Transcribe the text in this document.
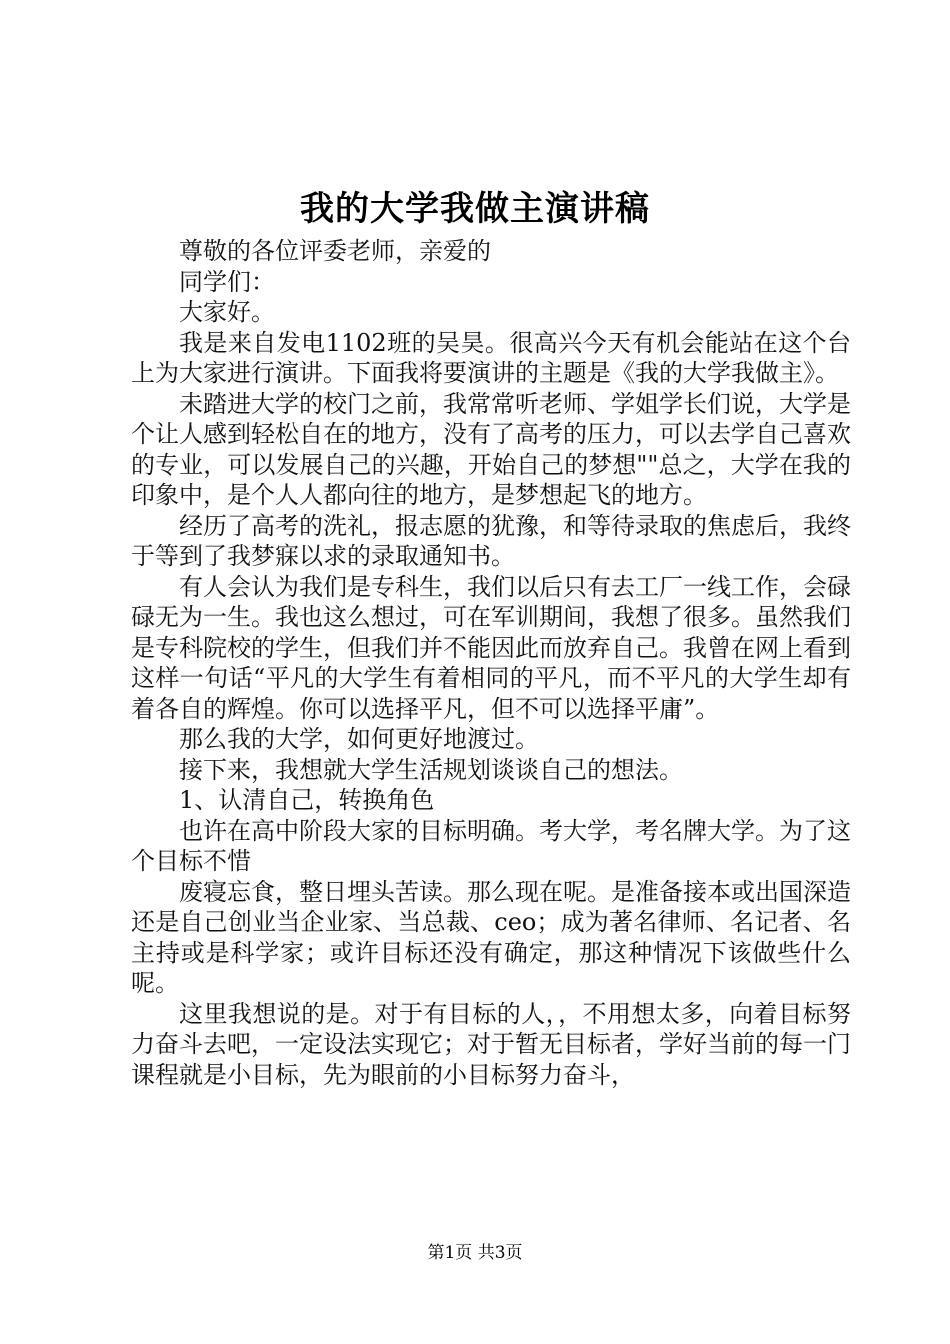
我的大学我做主演讲稿

尊敬的各位评委老师，亲爱的

同学们：

大家好。

我是来自发电1102班的吴昊。很高兴今天有机会能站在这个台上为大家进行演讲。下面我将要演讲的主题是《我的大学我做主》。

未踏进大学的校门之前，我常常听老师、学姐学长们说，大学是个让人感到轻松自在的地方，没有了高考的压力，可以去学自己喜欢的专业，可以发展自己的兴趣，开始自己的梦想""总之，大学在我的印象中，是个人人都向往的地方，是梦想起飞的地方。

经历了高考的洗礼，报志愿的犹豫，和等待录取的焦虑后，我终于等到了我梦寐以求的录取通知书。

有人会认为我们是专科生，我们以后只有去工厂一线工作，会碌碌无为一生。我也这么想过，可在军训期间，我想了很多。虽然我们是专科院校的学生，但我们并不能因此而放弃自己。我曾在网上看到这样一句话“平凡的大学生有着相同的平凡，而不平凡的大学生却有着各自的辉煌。你可以选择平凡，但不可以选择平庸”。

那么我的大学，如何更好地渡过。

接下来，我想就大学生活规划谈谈自己的想法。

1、认清自己，转换角色

也许在高中阶段大家的目标明确。考大学，考名牌大学。为了这个目标不惜

废寝忘食，整日埋头苦读。那么现在呢。是准备接本或出国深造还是自己创业当企业家、当总裁、ceo；成为著名律师、名记者、名主持或是科学家；或许目标还没有确定，那这种情况下该做些什么呢。

这里我想说的是。对于有目标的人，，不用想太多，向着目标努力奋斗去吧，一定设法实现它；对于暂无目标者，学好当前的每一门课程就是小目标，先为眼前的小目标努力奋斗，

第1页 共3页
